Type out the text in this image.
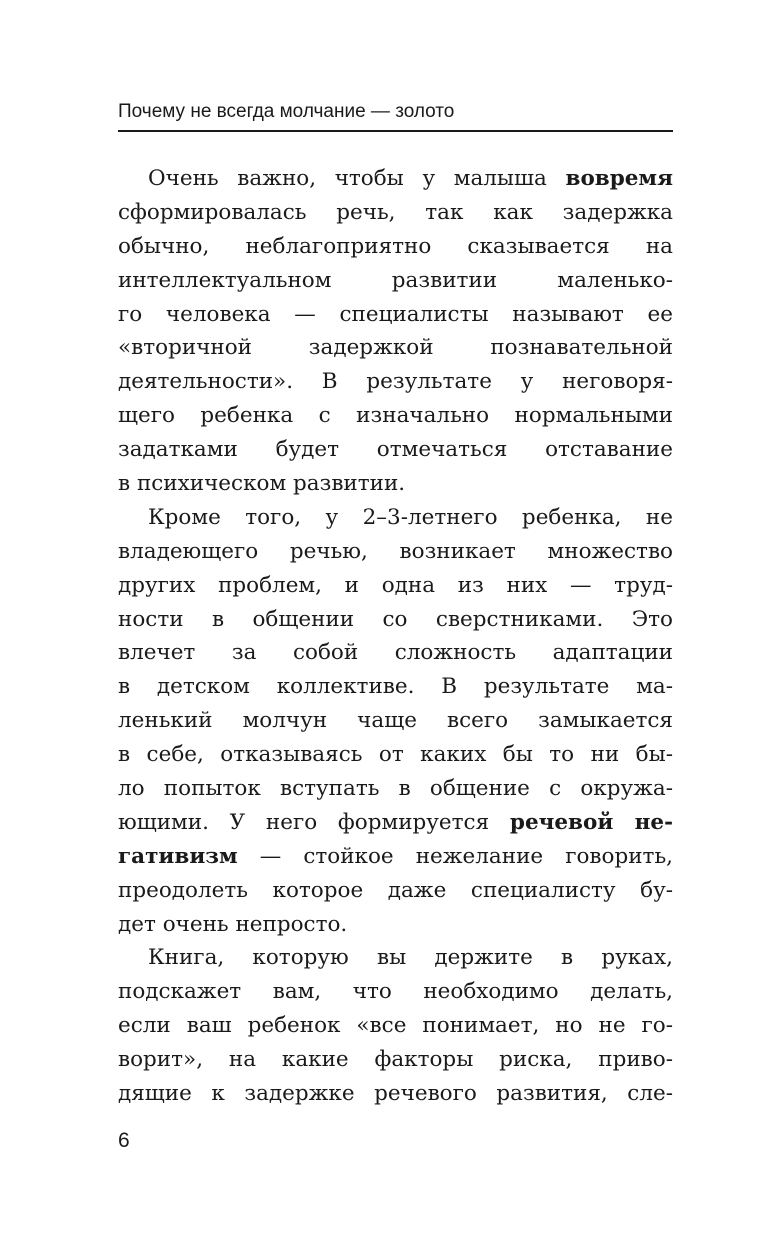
Почему не всегда молчание — золото
Очень важно, чтобы у малыша вовремя
сформировалась речь, так как задержка
обычно, неблагоприятно сказывается на
интеллектуальном развитии маленько-
го человека — специалисты называют ее
«вторичной задержкой познавательной
деятельности». В результате у неговоря-
щего ребенка с изначально нормальными
задатками будет отмечаться отставание
в психическом развитии.
Кроме того, у 2–3-летнего ребенка, не
владеющего речью, возникает множество
других проблем, и одна из них — труд-
ности в общении со сверстниками. Это
влечет за собой сложность адаптации
в детском коллективе. В результате ма-
ленький молчун чаще всего замыкается
в себе, отказываясь от каких бы то ни бы-
ло попыток вступать в общение с окружа-
ющими. У него формируется речевой не-
гативизм — стойкое нежелание говорить,
преодолеть которое даже специалисту бу-
дет очень непросто.
Книга, которую вы держите в руках,
подскажет вам, что необходимо делать,
если ваш ребенок «все понимает, но не го-
ворит», на какие факторы риска, приво-
дящие к задержке речевого развития, сле-
6
